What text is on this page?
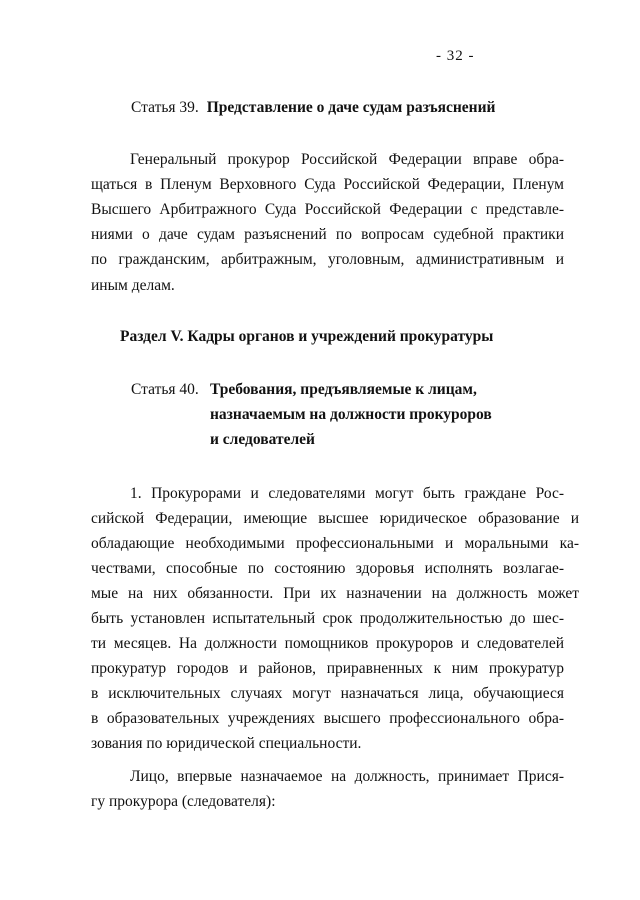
- 32 -
Статья 39. Представление о даче судам разъяснений
Генеральный прокурор Российской Федерации вправе обра-
щаться в Пленум Верховного Суда Российской Федерации, Пленум
Высшего Арбитражного Суда Российской Федерации с представле-
ниями о даче судам разъяснений по вопросам судебной практики
по гражданским, арбитражным, уголовным, административным и
иным делам.
Раздел V. Кадры органов и учреждений прокуратуры
Статья 40. Требования, предъявляемые к лицам,
назначаемым на должности прокуроров
и следователей
1. Прокурорами и следователями могут быть граждане Рос-
сийской Федерации, имеющие высшее юридическое образование и
обладающие необходимыми профессиональными и моральными ка-
чествами, способные по состоянию здоровья исполнять возлагае-
мые на них обязанности. При их назначении на должность может
быть установлен испытательный срок продолжительностью до шес-
ти месяцев. На должности помощников прокуроров и следователей
прокуратур городов и районов, приравненных к ним прокуратур
в исключительных случаях могут назначаться лица, обучающиеся
в образовательных учреждениях высшего профессионального обра-
зования по юридической специальности.
Лицо, впервые назначаемое на должность, принимает Прися-
гу прокурора (следователя):
